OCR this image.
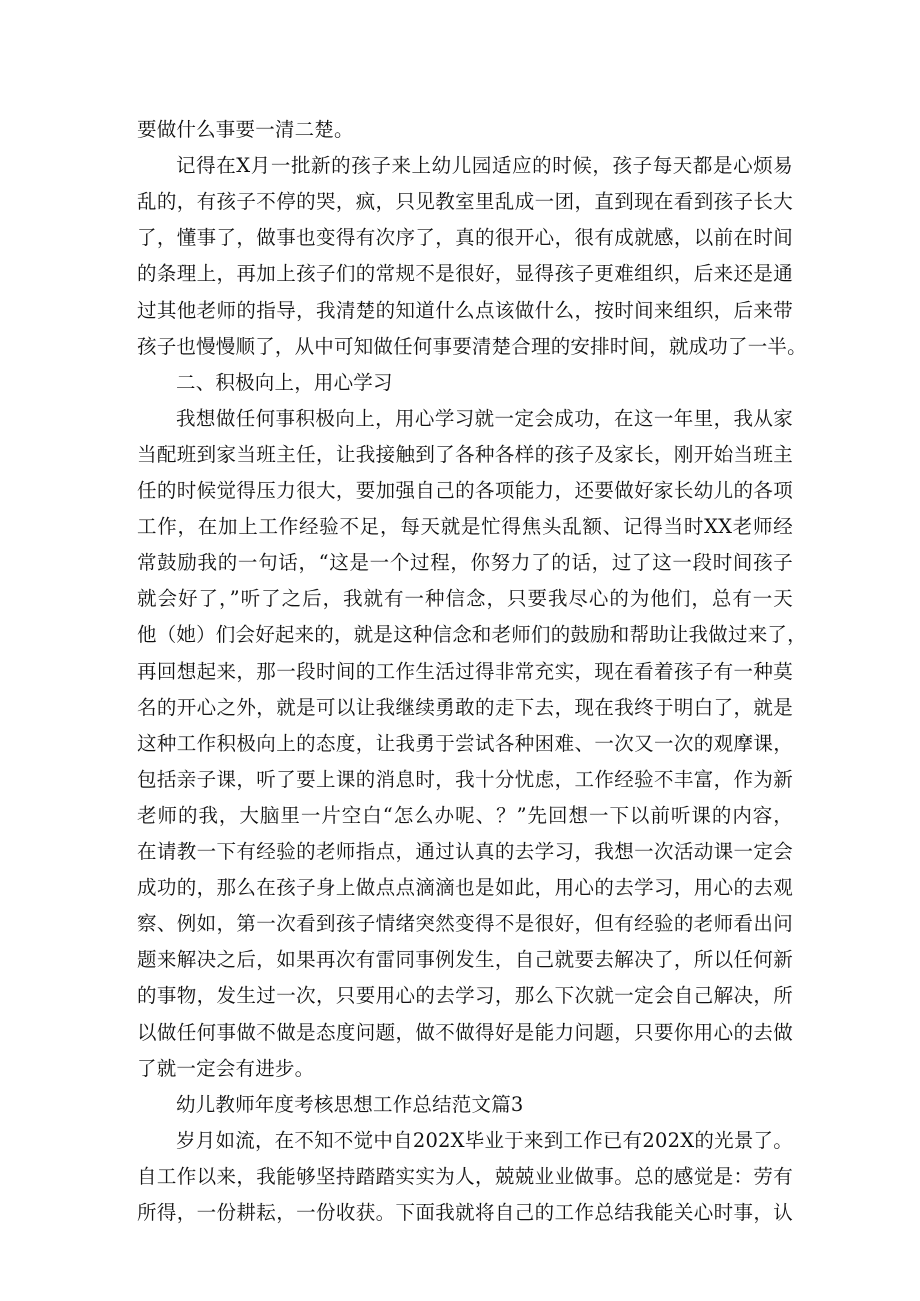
要做什么事要一清二楚。
记得在X月一批新的孩子来上幼儿园适应的时候，孩子每天都是心烦易
乱的，有孩子不停的哭，疯，只见教室里乱成一团，直到现在看到孩子长大
了，懂事了，做事也变得有次序了，真的很开心，很有成就感，以前在时间
的条理上，再加上孩子们的常规不是很好，显得孩子更难组织，后来还是通
过其他老师的指导，我清楚的知道什么点该做什么，按时间来组织，后来带
孩子也慢慢顺了，从中可知做任何事要清楚合理的安排时间，就成功了一半。
二、积极向上，用心学习
我想做任何事积极向上，用心学习就一定会成功，在这一年里，我从家
当配班到家当班主任，让我接触到了各种各样的孩子及家长，刚开始当班主
任的时候觉得压力很大，要加强自己的各项能力，还要做好家长幼儿的各项
工作，在加上工作经验不足，每天就是忙得焦头乱额、记得当时XX老师经
常鼓励我的一句话，“这是一个过程，你努力了的话，过了这一段时间孩子
就会好了，”听了之后，我就有一种信念，只要我尽心的为他们，总有一天
他（她）们会好起来的，就是这种信念和老师们的鼓励和帮助让我做过来了，
再回想起来，那一段时间的工作生活过得非常充实，现在看着孩子有一种莫
名的开心之外，就是可以让我继续勇敢的走下去，现在我终于明白了，就是
这种工作积极向上的态度，让我勇于尝试各种困难、一次又一次的观摩课，
包括亲子课，听了要上课的消息时，我十分忧虑，工作经验不丰富，作为新
老师的我，大脑里一片空白“怎么办呢、？”先回想一下以前听课的内容，
在请教一下有经验的老师指点，通过认真的去学习，我想一次活动课一定会
成功的，那么在孩子身上做点点滴滴也是如此，用心的去学习，用心的去观
察、例如，第一次看到孩子情绪突然变得不是很好，但有经验的老师看出问
题来解决之后，如果再次有雷同事例发生，自己就要去解决了，所以任何新
的事物，发生过一次，只要用心的去学习，那么下次就一定会自己解决，所
以做任何事做不做是态度问题，做不做得好是能力问题，只要你用心的去做
了就一定会有进步。
幼儿教师年度考核思想工作总结范文篇3
岁月如流，在不知不觉中自202X毕业于来到工作已有202X的光景了。
自工作以来，我能够坚持踏踏实实为人，兢兢业业做事。总的感觉是：劳有
所得，一份耕耘，一份收获。下面我就将自己的工作总结我能关心时事，认
